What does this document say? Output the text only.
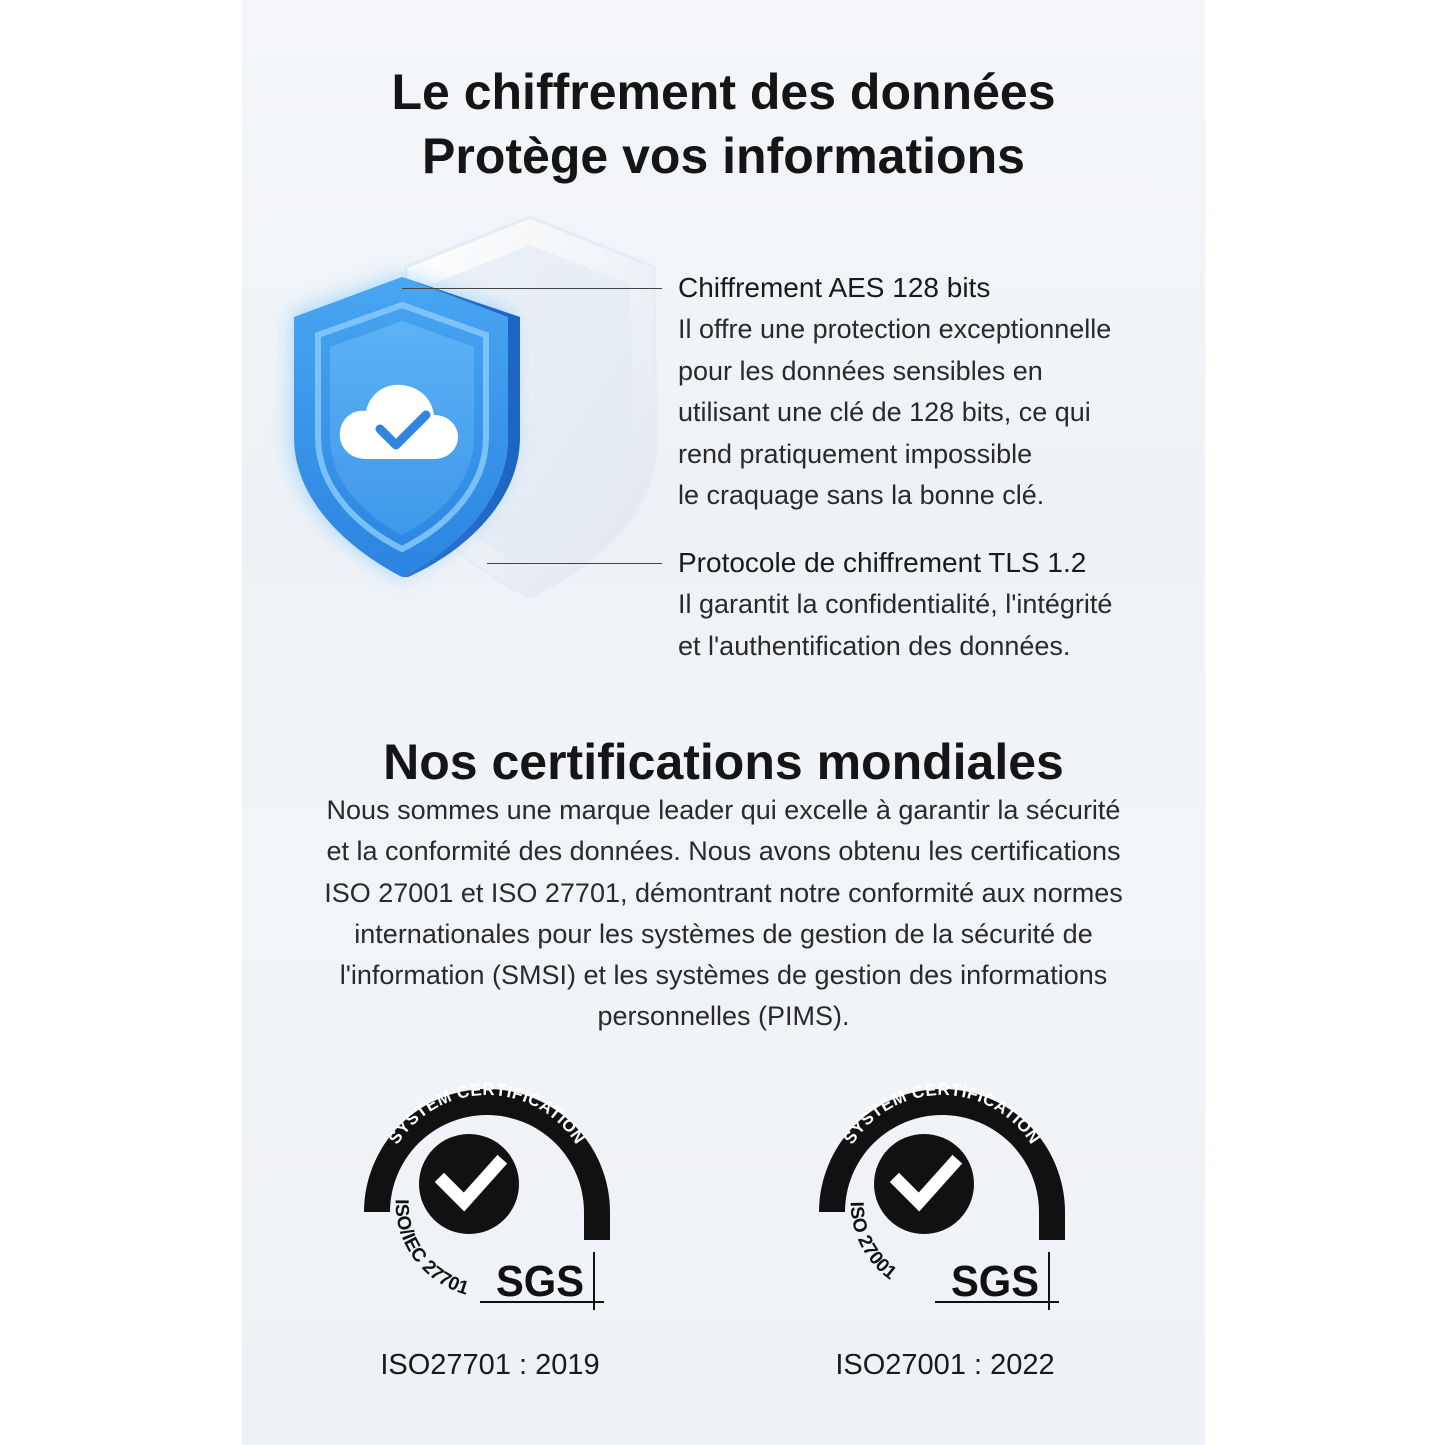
Le chiffrement des données
Protège vos informations
Chiffrement AES 128 bits

Il offre une protection exceptionnelle

pour les données sensibles en

utilisant une clé de 128 bits, ce qui

rend pratiquement impossible

le craquage sans la bonne clé.

Protocole de chiffrement TLS 1.2

Il garantit la confidentialité, l'intégrité

et l'authentification des données.

Nos certifications mondiales
Nous sommes une marque leader qui excelle à garantir la sécurité
et la conformité des données. Nous avons obtenu les certifications
ISO 27001 et ISO 27701, démontrant notre conformité aux normes
internationales pour les systèmes de gestion de la sécurité de
l'information (SMSI) et les systèmes de gestion des informations
personnelles (PIMS).
SYSTEM CERTIFICATION
ISO/IEC 27701 SGS
ISO27701 : 2019
SYSTEM CERTIFICATION
ISO 27001 SGS
ISO27001 : 2022
